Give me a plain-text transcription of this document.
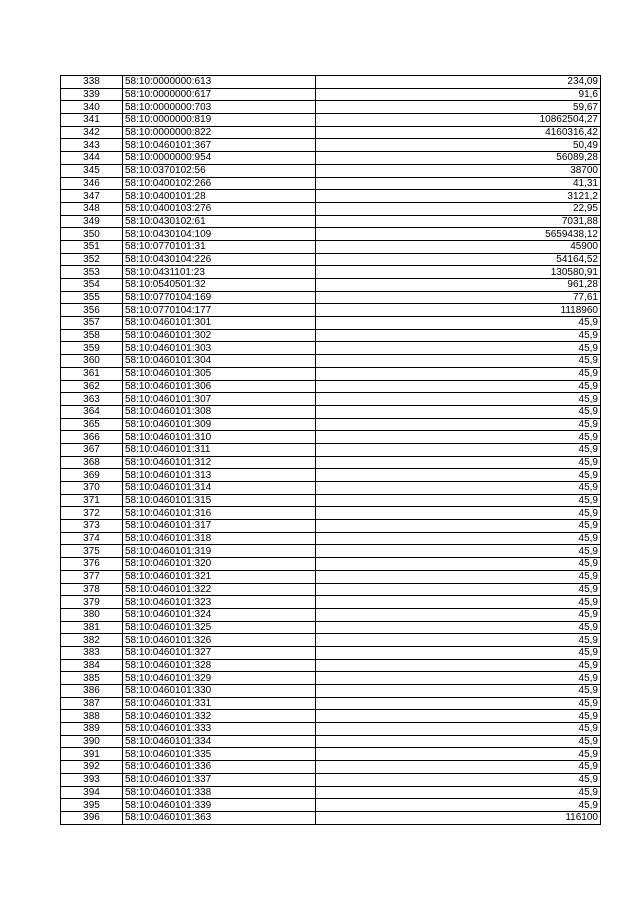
338	58:10:0000000:613	234,09
339	58:10:0000000:617	91,6
340	58:10:0000000:703	59,67
341	58:10:0000000:819	10862504,27
342	58:10:0000000:822	4160316,42
343	58:10:0460101:367	50,49
344	58:10:0000000:954	56089,28
345	58:10:0370102:56	38700
346	58:10:0400102:266	41,31
347	58:10:0400101:28	3121,2
348	58:10:0400103:276	22,95
349	58:10:0430102:61	7031,88
350	58:10:0430104:109	5659438,12
351	58:10:0770101:31	45900
352	58:10:0430104:226	54164,52
353	58:10:0431101:23	130580,91
354	58:10:0540501:32	961,28
355	58:10:0770104:169	77,61
356	58:10:0770104:177	1118960
357	58:10:0460101:301	45,9
358	58:10:0460101:302	45,9
359	58:10:0460101:303	45,9
360	58:10:0460101:304	45,9
361	58:10:0460101:305	45,9
362	58:10:0460101:306	45,9
363	58:10:0460101:307	45,9
364	58:10:0460101:308	45,9
365	58:10:0460101:309	45,9
366	58:10:0460101:310	45,9
367	58:10:0460101:311	45,9
368	58:10:0460101:312	45,9
369	58:10:0460101:313	45,9
370	58:10:0460101:314	45,9
371	58:10:0460101:315	45,9
372	58:10:0460101:316	45,9
373	58:10:0460101:317	45,9
374	58:10:0460101:318	45,9
375	58:10:0460101:319	45,9
376	58:10:0460101:320	45,9
377	58:10:0460101:321	45,9
378	58:10:0460101:322	45,9
379	58:10:0460101:323	45,9
380	58:10:0460101:324	45,9
381	58:10:0460101:325	45,9
382	58:10:0460101:326	45,9
383	58:10:0460101:327	45,9
384	58:10:0460101:328	45,9
385	58:10:0460101:329	45,9
386	58:10:0460101:330	45,9
387	58:10:0460101:331	45,9
388	58:10:0460101:332	45,9
389	58:10:0460101:333	45,9
390	58:10:0460101:334	45,9
391	58:10:0460101:335	45,9
392	58:10:0460101:336	45,9
393	58:10:0460101:337	45,9
394	58:10:0460101:338	45,9
395	58:10:0460101:339	45,9
396	58:10:0460101:363	116100
